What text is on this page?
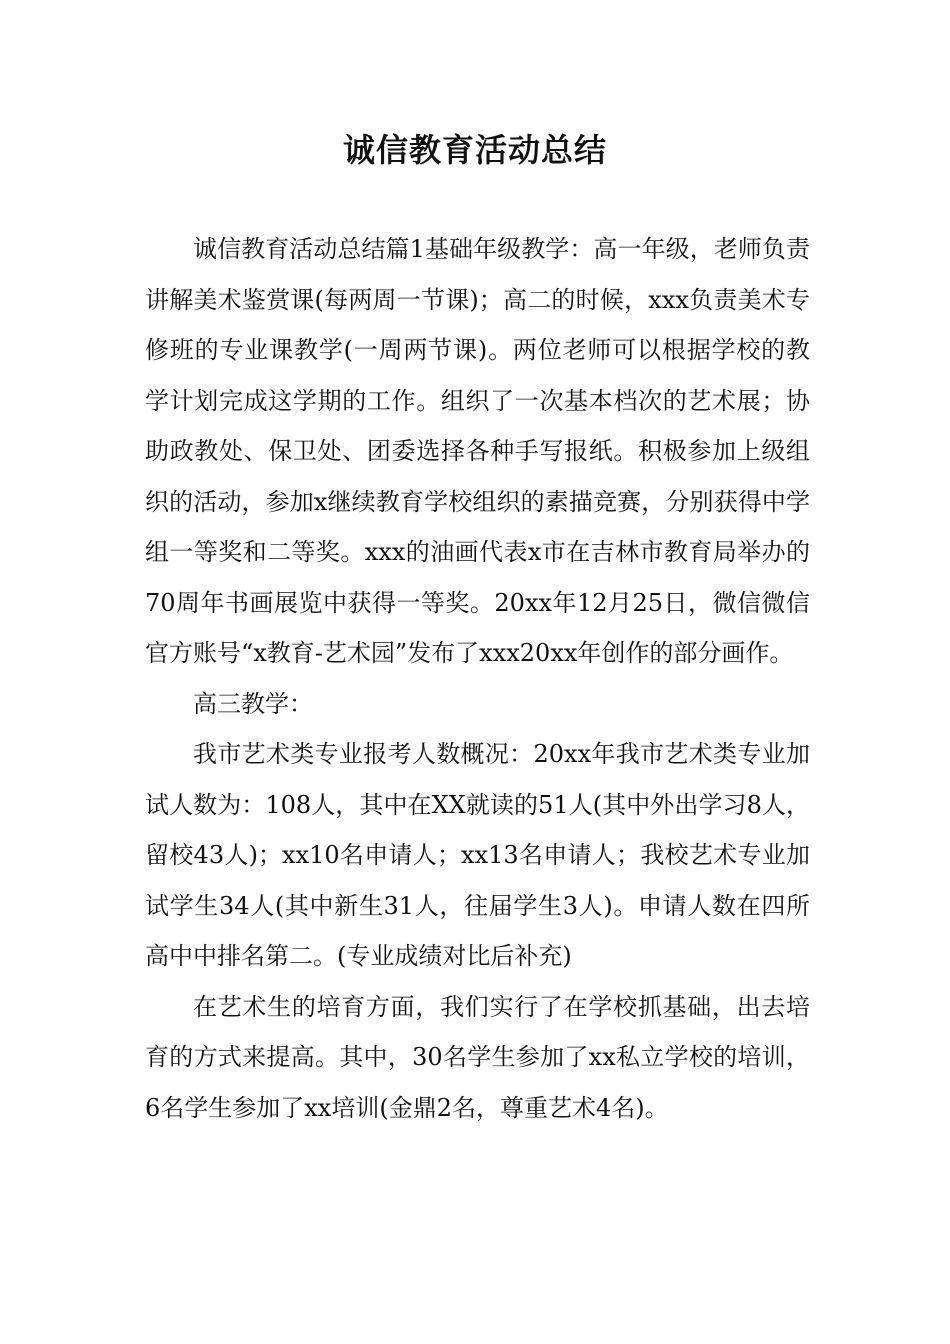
诚信教育活动总结

诚信教育活动总结篇1基础年级教学：高一年级，老师负责讲解美术鉴赏课(每两周一节课)；高二的时候，xxx负责美术专修班的专业课教学(一周两节课)。两位老师可以根据学校的教学计划完成这学期的工作。组织了一次基本档次的艺术展；协助政教处、保卫处、团委选择各种手写报纸。积极参加上级组织的活动，参加x继续教育学校组织的素描竞赛，分别获得中学组一等奖和二等奖。xxx的油画代表x市在吉林市教育局举办的70周年书画展览中获得一等奖。20xx年12月25日，微信微信官方账号“x教育-艺术园”发布了xxx20xx年创作的部分画作。

高三教学：

我市艺术类专业报考人数概况：20xx年我市艺术类专业加试人数为：108人，其中在XX就读的51人(其中外出学习8人，留校43人)；xx10名申请人；xx13名申请人；我校艺术专业加试学生34人(其中新生31人，往届学生3人)。申请人数在四所高中中排名第二。(专业成绩对比后补充)

在艺术生的培育方面，我们实行了在学校抓基础，出去培育的方式来提高。其中，30名学生参加了xx私立学校的培训，6名学生参加了xx培训(金鼎2名，尊重艺术4名)。
